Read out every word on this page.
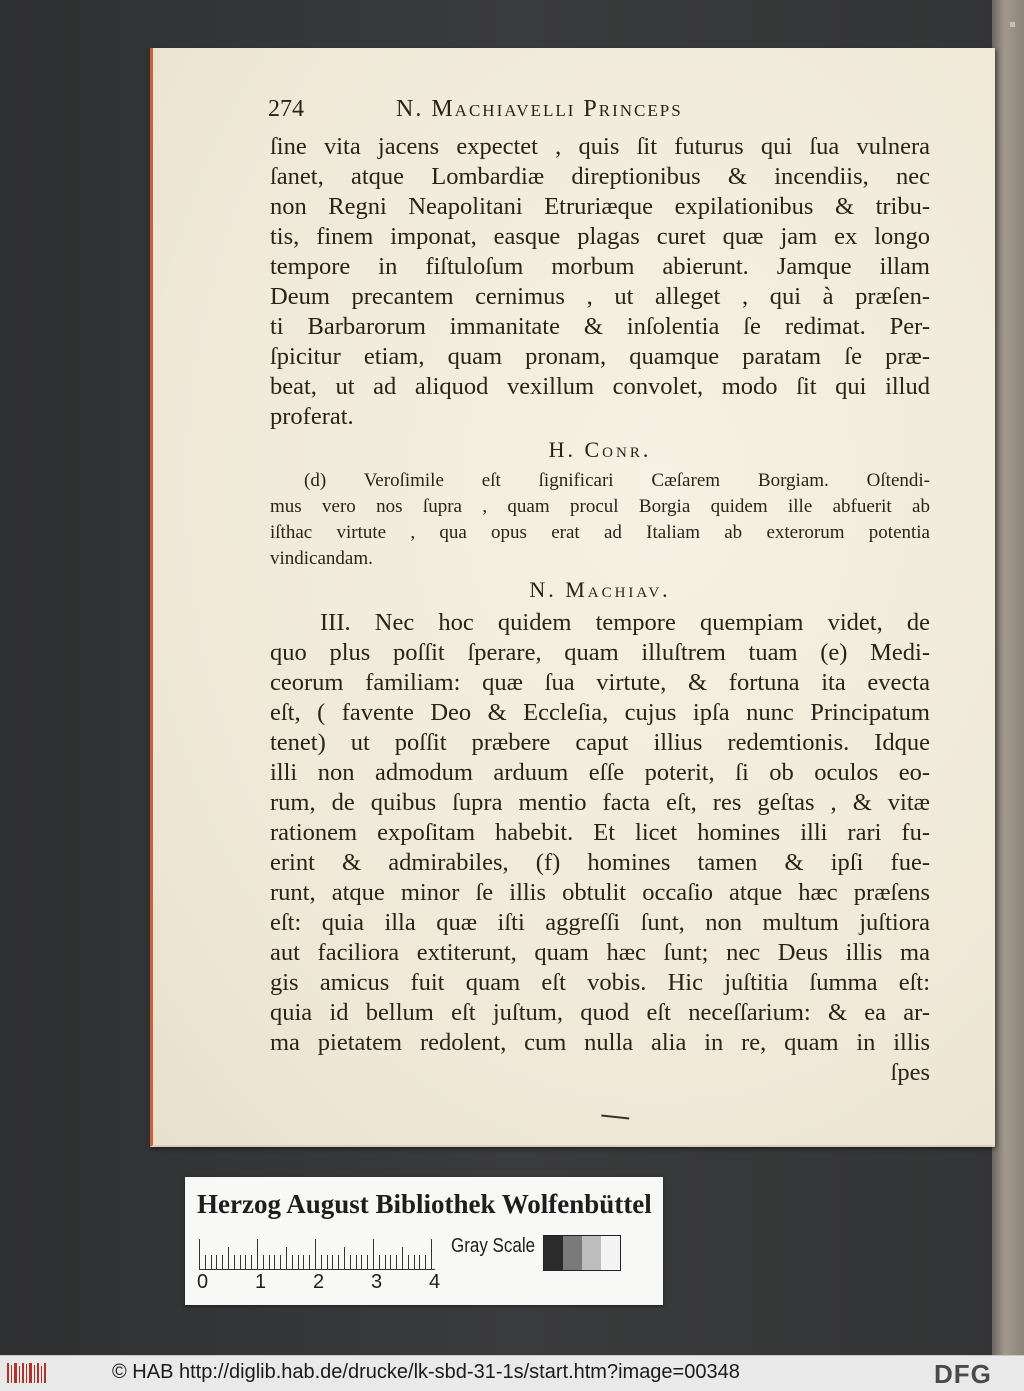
274	N. Machiavelli Princeps
ſine vita jacens expectet , quis ſit futurus qui ſua vulnera
ſanet, atque Lombardiæ direptionibus & incendiis, nec
non Regni Neapolitani Etruriæque expilationibus & tribu-
tis, finem imponat, easque plagas curet quæ jam ex longo
tempore in fiſtuloſum morbum abierunt. Jamque illam
Deum precantem cernimus , ut alleget , qui à præſen-
ti Barbarorum immanitate & inſolentia ſe redimat. Per-
ſpicitur etiam, quam pronam, quamque paratam ſe præ-
beat, ut ad aliquod vexillum convolet, modo ſit qui illud
proferat.
H. Conr.
(d) Veroſimile eſt ſignificari Cæſarem Borgiam. Oſtendi-
mus vero nos ſupra , quam procul Borgia quidem ille abfuerit ab
iſthac virtute , qua opus erat ad Italiam ab exterorum potentia
vindicandam.
N. Machiav.
III. Nec hoc quidem tempore quempiam videt, de
quo plus poſſit ſperare, quam illuſtrem tuam (e) Medi-
ceorum familiam: quæ ſua virtute, & fortuna ita evecta
eſt, ( favente Deo & Eccleſia, cujus ipſa nunc Principatum
tenet) ut poſſit præbere caput illius redemtionis. Idque
illi non admodum arduum eſſe poterit, ſi ob oculos eo-
rum, de quibus ſupra mentio facta eſt, res geſtas , & vitæ
rationem expoſitam habebit. Et licet homines illi rari fu-
erint & admirabiles, (f) homines tamen & ipſi fue-
runt, atque minor ſe illis obtulit occaſio atque hæc præſens
eſt: quia illa quæ iſti aggreſſi ſunt, non multum juſtiora
aut faciliora extiterunt, quam hæc ſunt; nec Deus illis ma
gis amicus fuit quam eſt vobis. Hic juſtitia ſumma eſt:
quia id bellum eſt juſtum, quod eſt neceſſarium: & ea ar-
ma pietatem redolent, cum nulla alia in re, quam in illis
ſpes
Herzog August Bibliothek Wolfenbüttel
0 1 2 3 4
Gray Scale
© HAB http://diglib.hab.de/drucke/lk-sbd-31-1s/start.htm?image=00348	DFG
